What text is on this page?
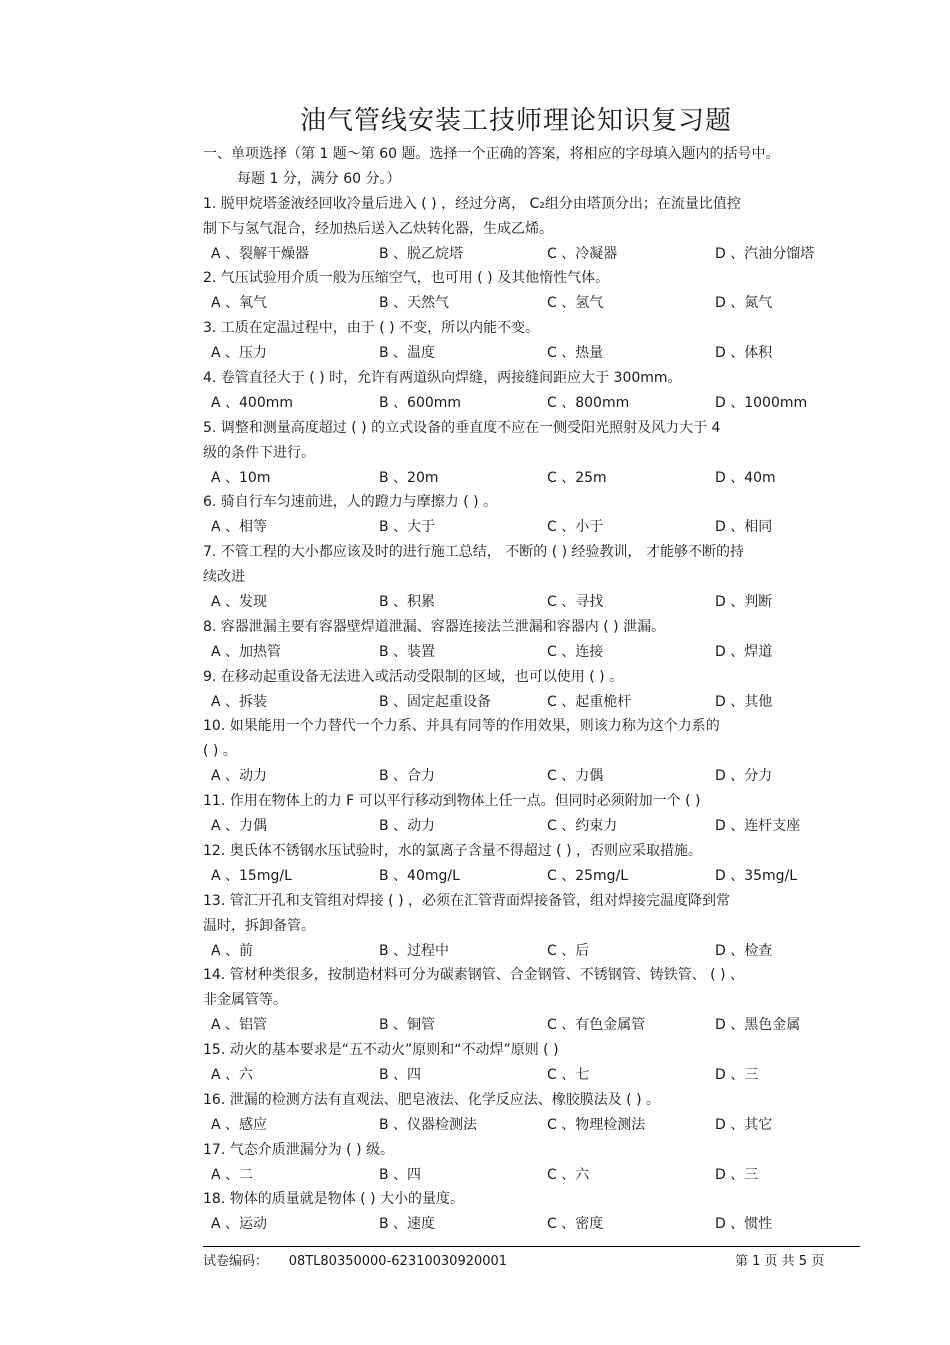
油气管线安装工技师理论知识复习题
一、单项选择（第 1 题～第 60 题。选择一个正确的答案，将相应的字母填入题内的括号中。
每题 1 分，满分 60 分。）
1. 脱甲烷塔釜液经回收冷量后进入 ( ) ，经过分离， C₂组分由塔顶分出；在流量比值控
制下与氢气混合，经加热后送入乙炔转化器，生成乙烯。
A 、裂解干燥器	B 、脱乙烷塔	C 、冷凝器	D 、汽油分馏塔
2. 气压试验用介质一般为压缩空气，也可用 ( ) 及其他惰性气体。
A 、氧气	B 、天然气	C 、氢气	D 、氮气
3. 工质在定温过程中，由于 ( ) 不变，所以内能不变。
A 、压力	B 、温度	C 、热量	D 、体积
4. 卷管直径大于 ( ) 时，允许有两道纵向焊缝，两接缝间距应大于 300mm。
A 、400mm	B 、600mm	C 、800mm	D 、1000mm
5. 调整和测量高度超过 ( ) 的立式设备的垂直度不应在一侧受阳光照射及风力大于 4
级的条件下进行。
A 、10m	B 、20m	C 、25m	D 、40m
6. 骑自行车匀速前进，人的蹬力与摩擦力 ( ) 。
A 、相等	B 、大于	C 、小于	D 、相同
7. 不管工程的大小都应该及时的进行施工总结， 不断的 ( ) 经验教训， 才能够不断的持
续改进
A 、发现	B 、积累	C 、寻找	D 、判断
8. 容器泄漏主要有容器壁焊道泄漏、容器连接法兰泄漏和容器内 ( ) 泄漏。
A 、加热管	B 、装置	C 、连接	D 、焊道
9. 在移动起重设备无法进入或活动受限制的区域，也可以使用 ( ) 。
A 、拆装	B 、固定起重设备	C 、起重桅杆	D 、其他
10. 如果能用一个力替代一个力系、并具有同等的作用效果，则该力称为这个力系的
( ) 。
A 、动力	B 、合力	C 、力偶	D 、分力
11. 作用在物体上的力 F 可以平行移动到物体上任一点。但同时必须附加一个 ( )
A 、力偶	B 、动力	C 、约束力	D 、连杆支座
12. 奥氏体不锈钢水压试验时，水的氯离子含量不得超过 ( ) ，否则应采取措施。
A 、15mg/L	B 、40mg/L	C 、25mg/L	D 、35mg/L
13. 管汇开孔和支管组对焊接 ( ) ，必须在汇管背面焊接备管，组对焊接完温度降到常
温时，拆卸备管。
A 、前	B 、过程中	C 、后	D 、检查
14. 管材种类很多，按制造材料可分为碳素钢管、合金钢管、不锈钢管、铸铁管、 ( ) 、
非金属管等。
A 、铝管	B 、铜管	C 、有色金属管	D 、黑色金属
15. 动火的基本要求是“五不动火”原则和“不动焊”原则 ( )
A 、六	B 、四	C 、七	D 、三
16. 泄漏的检测方法有直观法、肥皂液法、化学反应法、橡胶膜法及 ( ) 。
A 、感应	B 、仪器检测法	C 、物理检测法	D 、其它
17. 气态介质泄漏分为 ( ) 级。
A 、二	B 、四	C 、六	D 、三
18. 物体的质量就是物体 ( ) 大小的量度。
A 、运动	B 、速度	C 、密度	D 、惯性
试卷编码： 08TL80350000-62310030920001	第 1 页 共 5 页
